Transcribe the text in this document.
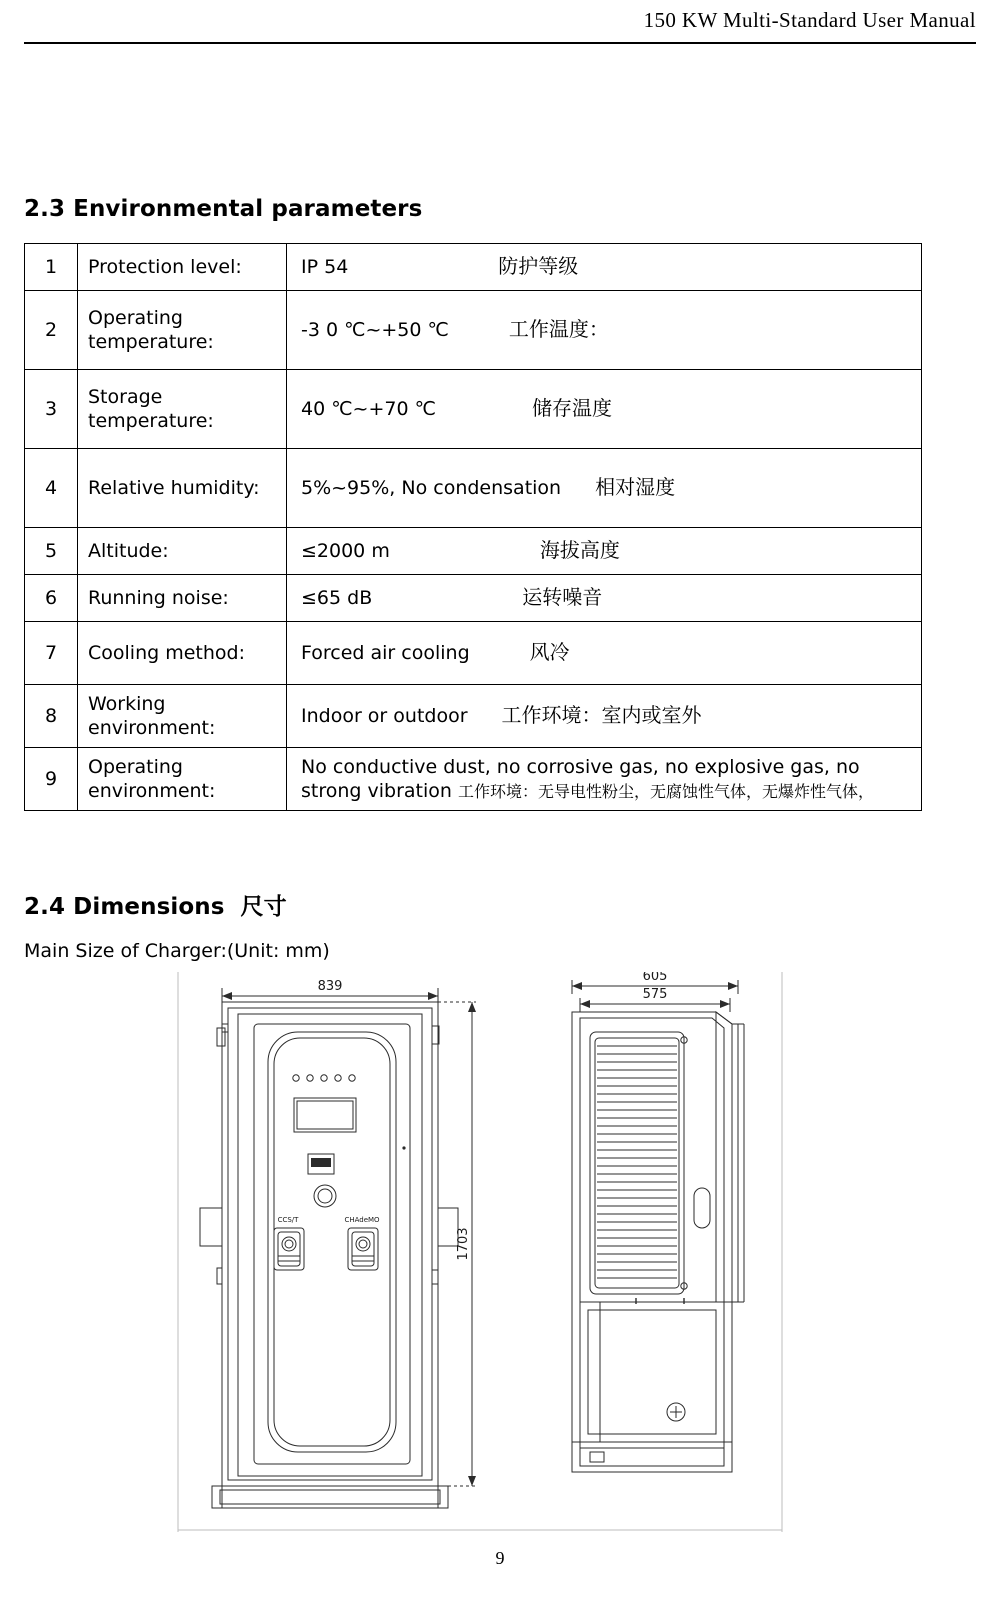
150 KW Multi-Standard User Manual
2.3 Environmental parameters
1	Protection level:	IP 54 防护等级
2	Operating temperature:	-3 0 ℃~+50 ℃ 工作温度：
3	Storage temperature:	40 ℃~+70 ℃ 储存温度
4	Relative humidity:	5%~95%, No condensation 相对湿度
5	Altitude:	≤2000 m 海拔高度
6	Running noise:	≤65 dB 运转噪音
7	Cooling method:	Forced air cooling 风冷
8	Working environment:	Indoor or outdoor 工作环境：室内或室外
9	Operating environment:	No conductive dust, no corrosive gas, no explosive gas, no strong vibration 工作环境：无导电性粉尘，无腐蚀性气体，无爆炸性气体，
2.4 Dimensions 尺寸
Main Size of Charger:(Unit: mm)
839
CCS/T	CHAdeMO
1703
605
575
9
